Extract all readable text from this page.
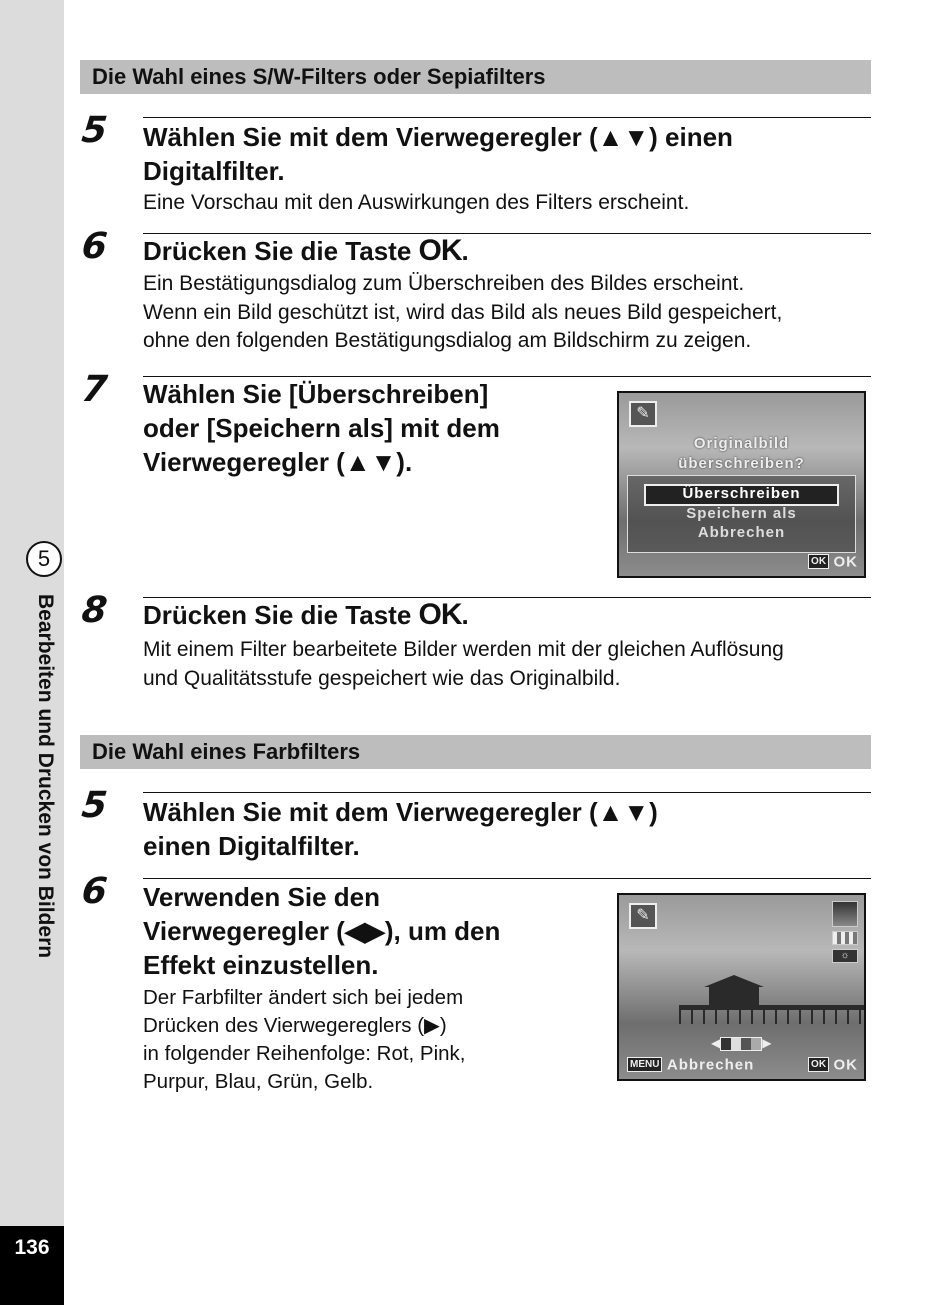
5
Bearbeiten und Drucken von Bildern
136
Die Wahl eines S/W-Filters oder Sepiafilters
5 Wählen Sie mit dem Vierwegeregler (▲▼) einen
Digitalfilter.
Eine Vorschau mit den Auswirkungen des Filters erscheint.
6 Drücken Sie die Taste OK.
Ein Bestätigungsdialog zum Überschreiben des Bildes erscheint.
Wenn ein Bild geschützt ist, wird das Bild als neues Bild gespeichert,
ohne den folgenden Bestätigungsdialog am Bildschirm zu zeigen.
7 Wählen Sie [Überschreiben]
oder [Speichern als] mit dem
Vierwegeregler (▲▼).
✎
Originalbild
überschreiben?
Überschreiben
Speichern als
Abbrechen
OK OK
8 Drücken Sie die Taste OK.
Mit einem Filter bearbeitete Bilder werden mit der gleichen Auflösung
und Qualitätsstufe gespeichert wie das Originalbild.
Die Wahl eines Farbfilters
5 Wählen Sie mit dem Vierwegeregler (▲▼)
einen Digitalfilter.
6 Verwenden Sie den
Vierwegeregler (◀▶), um den
Effekt einzustellen.
Der Farbfilter ändert sich bei jedem
Drücken des Vierwegereglers (▶)
in folgender Reihenfolge: Rot, Pink,
Purpur, Blau, Grün, Gelb.
✎
☼
◀	▶
MENU Abbrechen	OK OK
